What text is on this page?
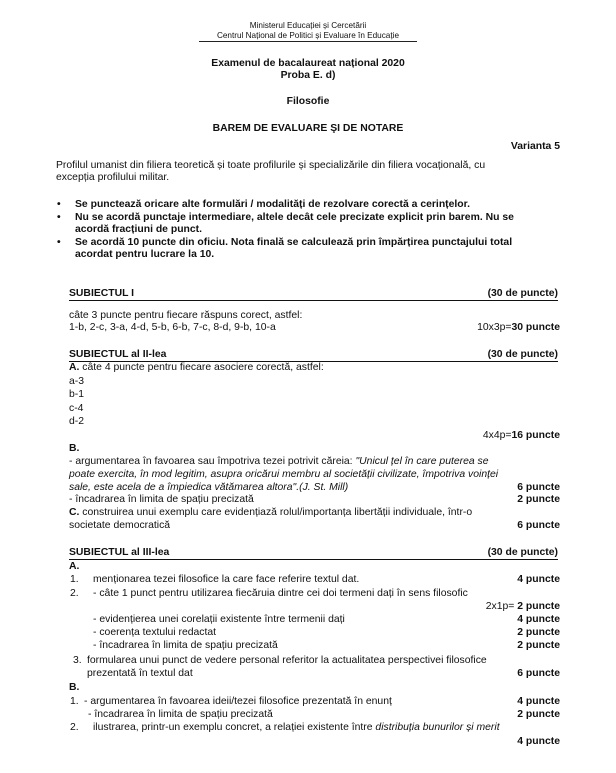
Ministerul Educației și Cercetării
Centrul Național de Politici și Evaluare în Educație
Examenul de bacalaureat național 2020
Proba E. d)
Filosofie
BAREM DE EVALUARE ŞI DE NOTARE
Varianta 5
Profilul umanist din filiera teoretică și toate profilurile și specializările din filiera vocațională, cu
excepția profilului militar.
• Se punctează oricare alte formulări / modalități de rezolvare corectă a cerințelor.
• Nu se acordă punctaje intermediare, altele decât cele precizate explicit prin barem. Nu se
acordă fracțiuni de punct.
• Se acordă 10 puncte din oficiu. Nota finală se calculează prin împărțirea punctajului total
acordat pentru lucrare la 10.
SUBIECTUL I	(30 de puncte)
câte 3 puncte pentru fiecare răspuns corect, astfel:
1-b, 2-c, 3-a, 4-d, 5-b, 6-b, 7-c, 8-d, 9-b, 10-a	10x3p=30 puncte
SUBIECTUL al II-lea	(30 de puncte)
A. câte 4 puncte pentru fiecare asociere corectă, astfel:
a-3
b-1
c-4
d-2
4x4p=16 puncte
B.
- argumentarea în favoarea sau împotriva tezei potrivit căreia: "Unicul țel în care puterea se
poate exercita, în mod legitim, asupra oricărui membru al societății civilizate, împotriva voinței
sale, este acela de a împiedica vătămarea altora".(J. St. Mill)	6 puncte
- încadrarea în limita de spațiu precizată	2 puncte
C. construirea unui exemplu care evidențiază rolul/importanța libertății individuale, într-o
societate democratică	6 puncte
SUBIECTUL al III-lea	(30 de puncte)
A.
1. menționarea tezei filosofice la care face referire textul dat.	4 puncte
2. - câte 1 punct pentru utilizarea fiecăruia dintre cei doi termeni dați în sens filosofic
2x1p= 2 puncte
- evidențierea unei corelații existente între termenii dați	4 puncte
- coerența textului redactat	2 puncte
- încadrarea în limita de spațiu precizată	2 puncte
3. formularea unui punct de vedere personal referitor la actualitatea perspectivei filosofice
prezentată în textul dat	6 puncte
B.
1. - argumentarea în favoarea ideii/tezei filosofice prezentată în enunț	4 puncte
- încadrarea în limita de spațiu precizată	2 puncte
2. ilustrarea, printr-un exemplu concret, a relației existente între distribuția bunurilor și merit
4 puncte
